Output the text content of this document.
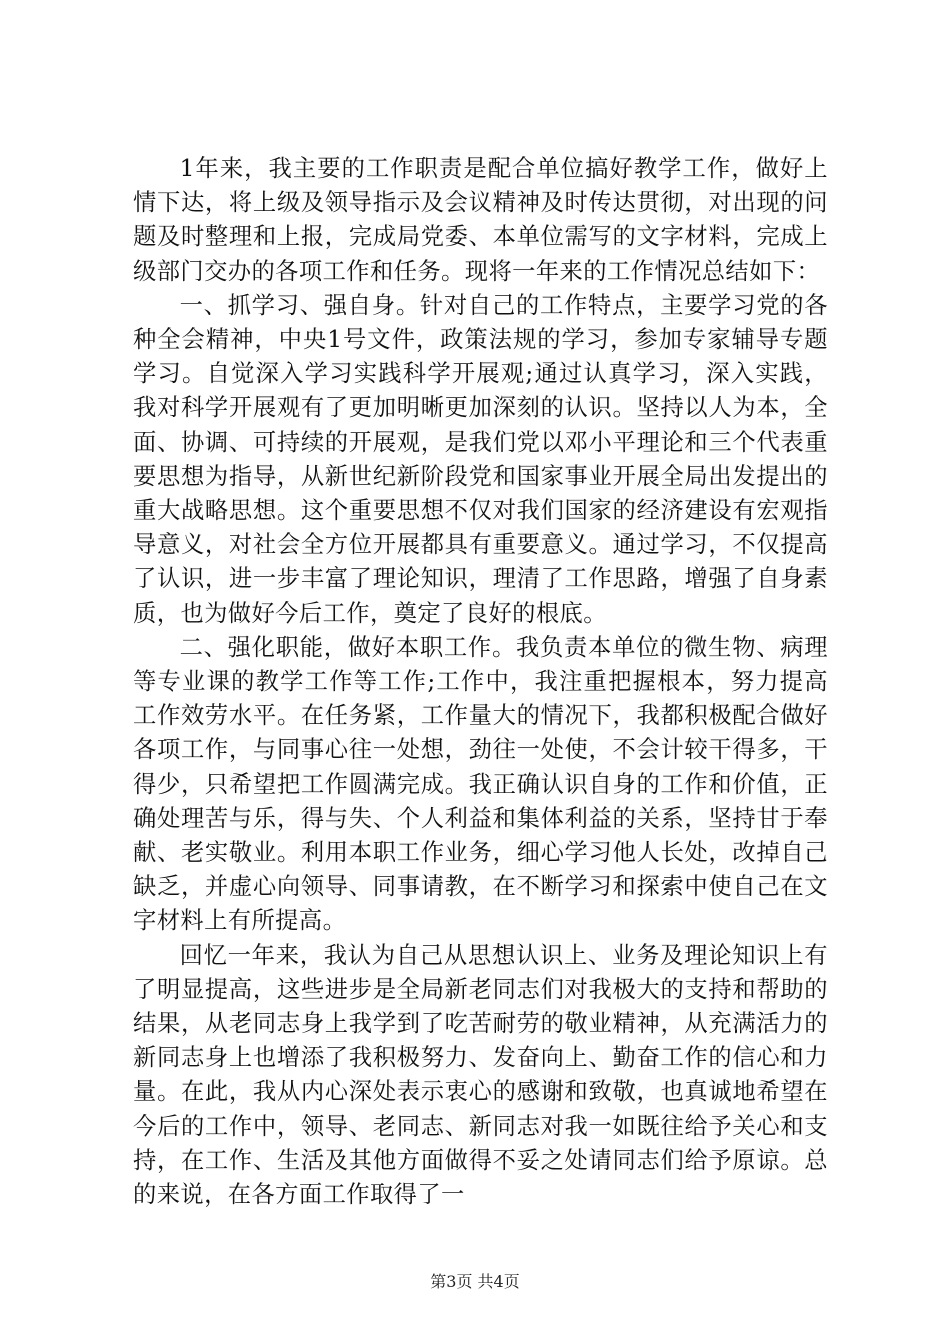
1年来，我主要的工作职责是配合单位搞好教学工作，做好上情下达，将上级及领导指示及会议精神及时传达贯彻，对出现的问题及时整理和上报，完成局党委、本单位需写的文字材料，完成上级部门交办的各项工作和任务。现将一年来的工作情况总结如下：

一、抓学习、强自身。针对自己的工作特点，主要学习党的各种全会精神，中央1号文件，政策法规的学习，参加专家辅导专题学习。自觉深入学习实践科学开展观;通过认真学习，深入实践，我对科学开展观有了更加明晰更加深刻的认识。坚持以人为本，全面、协调、可持续的开展观，是我们党以邓小平理论和三个代表重要思想为指导，从新世纪新阶段党和国家事业开展全局出发提出的重大战略思想。这个重要思想不仅对我们国家的经济建设有宏观指导意义，对社会全方位开展都具有重要意义。通过学习，不仅提高了认识，进一步丰富了理论知识，理清了工作思路，增强了自身素质，也为做好今后工作，奠定了良好的根底。

二、强化职能，做好本职工作。我负责本单位的微生物、病理等专业课的教学工作等工作;工作中，我注重把握根本，努力提高工作效劳水平。在任务紧，工作量大的情况下，我都积极配合做好各项工作，与同事心往一处想，劲往一处使，不会计较干得多，干得少，只希望把工作圆满完成。我正确认识自身的工作和价值，正确处理苦与乐，得与失、个人利益和集体利益的关系，坚持甘于奉献、老实敬业。利用本职工作业务，细心学习他人长处，改掉自己缺乏，并虚心向领导、同事请教，在不断学习和探索中使自己在文字材料上有所提高。

回忆一年来，我认为自己从思想认识上、业务及理论知识上有了明显提高，这些进步是全局新老同志们对我极大的支持和帮助的结果，从老同志身上我学到了吃苦耐劳的敬业精神，从充满活力的新同志身上也增添了我积极努力、发奋向上、勤奋工作的信心和力量。在此，我从内心深处表示衷心的感谢和致敬，也真诚地希望在今后的工作中，领导、老同志、新同志对我一如既往给予关心和支持，在工作、生活及其他方面做得不妥之处请同志们给予原谅。总的来说，在各方面工作取得了一

第3页 共4页
